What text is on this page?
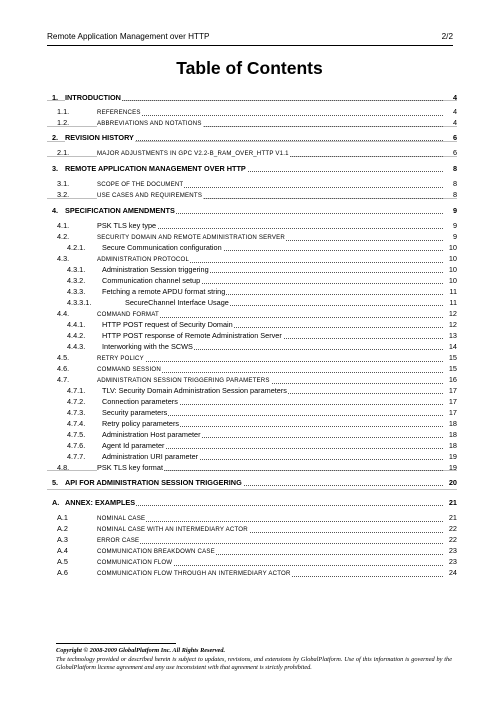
Remote Application Management over HTTP	2/2
Table of Contents
1. INTRODUCTION	4
1.1.	REFERENCES	4
1.2.	ABBREVIATIONS AND NOTATIONS	4
2. REVISION HISTORY	6
2.1.	MAJOR ADJUSTMENTS IN GPC V2.2-B_RAM_OVER_HTTP V1.1	6
3. REMOTE APPLICATION MANAGEMENT OVER HTTP	8
3.1.	SCOPE OF THE DOCUMENT	8
3.2.	USE CASES AND REQUIREMENTS	8
4. SPECIFICATION AMENDMENTS	9
4.1.	PSK TLS key type	9
4.2.	SECURITY DOMAIN AND REMOTE ADMINISTRATION SERVER	9
4.2.1. Secure Communication configuration	10
4.3.	ADMINISTRATION PROTOCOL	10
4.3.1. Administration Session triggering	10
4.3.2. Communication channel setup	10
4.3.3. Fetching a remote APDU format string	11
4.3.3.1.	SecureChannel Interface Usage	11
4.4.	COMMAND FORMAT	12
4.4.1. HTTP POST request of Security Domain	12
4.4.2. HTTP POST response of Remote Administration Server	13
4.4.3. Interworking with the SCWS	14
4.5.	RETRY POLICY	15
4.6.	COMMAND SESSION	15
4.7.	ADMINISTRATION SESSION TRIGGERING PARAMETERS	16
4.7.1. TLV: Security Domain Administration Session parameters	17
4.7.2. Connection parameters	17
4.7.3. Security parameters	17
4.7.4. Retry policy parameters	18
4.7.5. Administration Host parameter	18
4.7.6. Agent Id parameter	18
4.7.7. Administration URI parameter	19
4.8.	PSK TLS key format	19
5. API FOR ADMINISTRATION SESSION TRIGGERING	20
A. ANNEX: EXAMPLES	21
A.1	NOMINAL CASE	21
A.2	NOMINAL CASE WITH AN INTERMEDIARY ACTOR	22
A.3	ERROR CASE	22
A.4	COMMUNICATION BREAKDOWN CASE	23
A.5	COMMUNICATION FLOW	23
A.6	COMMUNICATION FLOW THROUGH AN INTERMEDIARY ACTOR	24
Copyright © 2008-2009 GlobalPlatform Inc. All Rights Reserved.
The technology provided or described herein is subject to updates, revisions, and extensions by GlobalPlatform. Use of this information is governed by the GlobalPlatform license agreement and any use inconsistent with that agreement is strictly prohibited.
